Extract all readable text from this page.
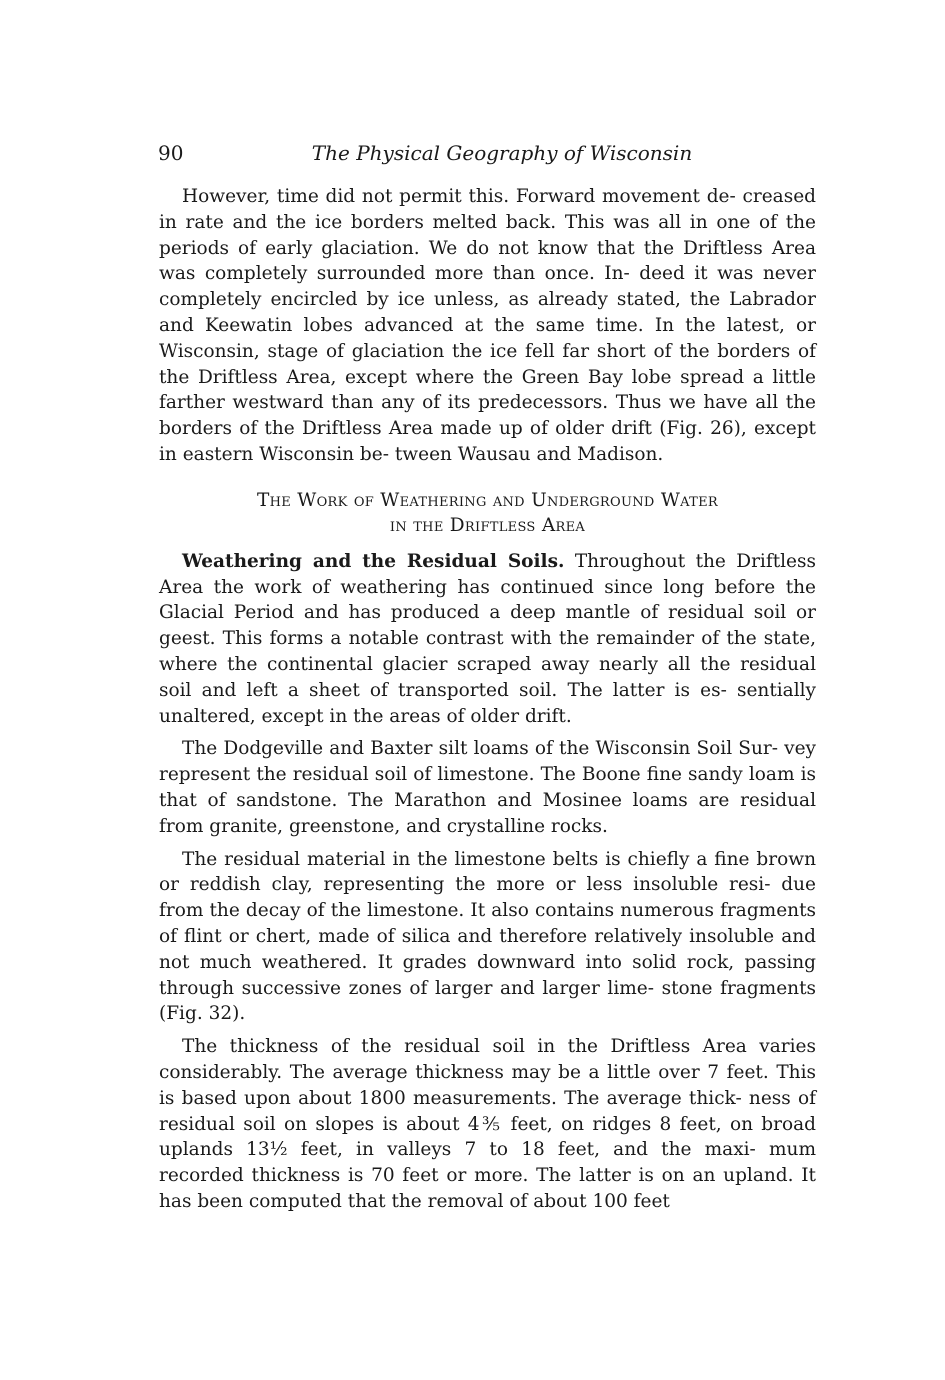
90	The Physical Geography of Wisconsin

However, time did not permit this. Forward movement de- creased in rate and the ice borders melted back. This was all in one of the periods of early glaciation. We do not know that the Driftless Area was completely surrounded more than once. In- deed it was never completely encircled by ice unless, as already stated, the Labrador and Keewatin lobes advanced at the same time. In the latest, or Wisconsin, stage of glaciation the ice fell far short of the borders of the Driftless Area, except where the Green Bay lobe spread a little farther westward than any of its predecessors. Thus we have all the borders of the Driftless Area made up of older drift (Fig. 26), except in eastern Wisconsin be- tween Wausau and Madison.

The Work of Weathering and Underground Water
in the Driftless Area

Weathering and the Residual Soils. Throughout the Driftless Area the work of weathering has continued since long before the Glacial Period and has produced a deep mantle of residual soil or geest. This forms a notable contrast with the remainder of the state, where the continental glacier scraped away nearly all the residual soil and left a sheet of transported soil. The latter is es- sentially unaltered, except in the areas of older drift.

The Dodgeville and Baxter silt loams of the Wisconsin Soil Sur- vey represent the residual soil of limestone. The Boone fine sandy loam is that of sandstone. The Marathon and Mosinee loams are residual from granite, greenstone, and crystalline rocks.

The residual material in the limestone belts is chiefly a fine brown or reddish clay, representing the more or less insoluble resi- due from the decay of the limestone. It also contains numerous fragments of flint or chert, made of silica and therefore relatively insoluble and not much weathered. It grades downward into solid rock, passing through successive zones of larger and larger lime- stone fragments (Fig. 32).

The thickness of the residual soil in the Driftless Area varies considerably. The average thickness may be a little over 7 feet. This is based upon about 1800 measurements. The average thick- ness of residual soil on slopes is about 4⅗ feet, on ridges 8 feet, on broad uplands 13½ feet, in valleys 7 to 18 feet, and the maxi- mum recorded thickness is 70 feet or more. The latter is on an upland. It has been computed that the removal of about 100 feet
